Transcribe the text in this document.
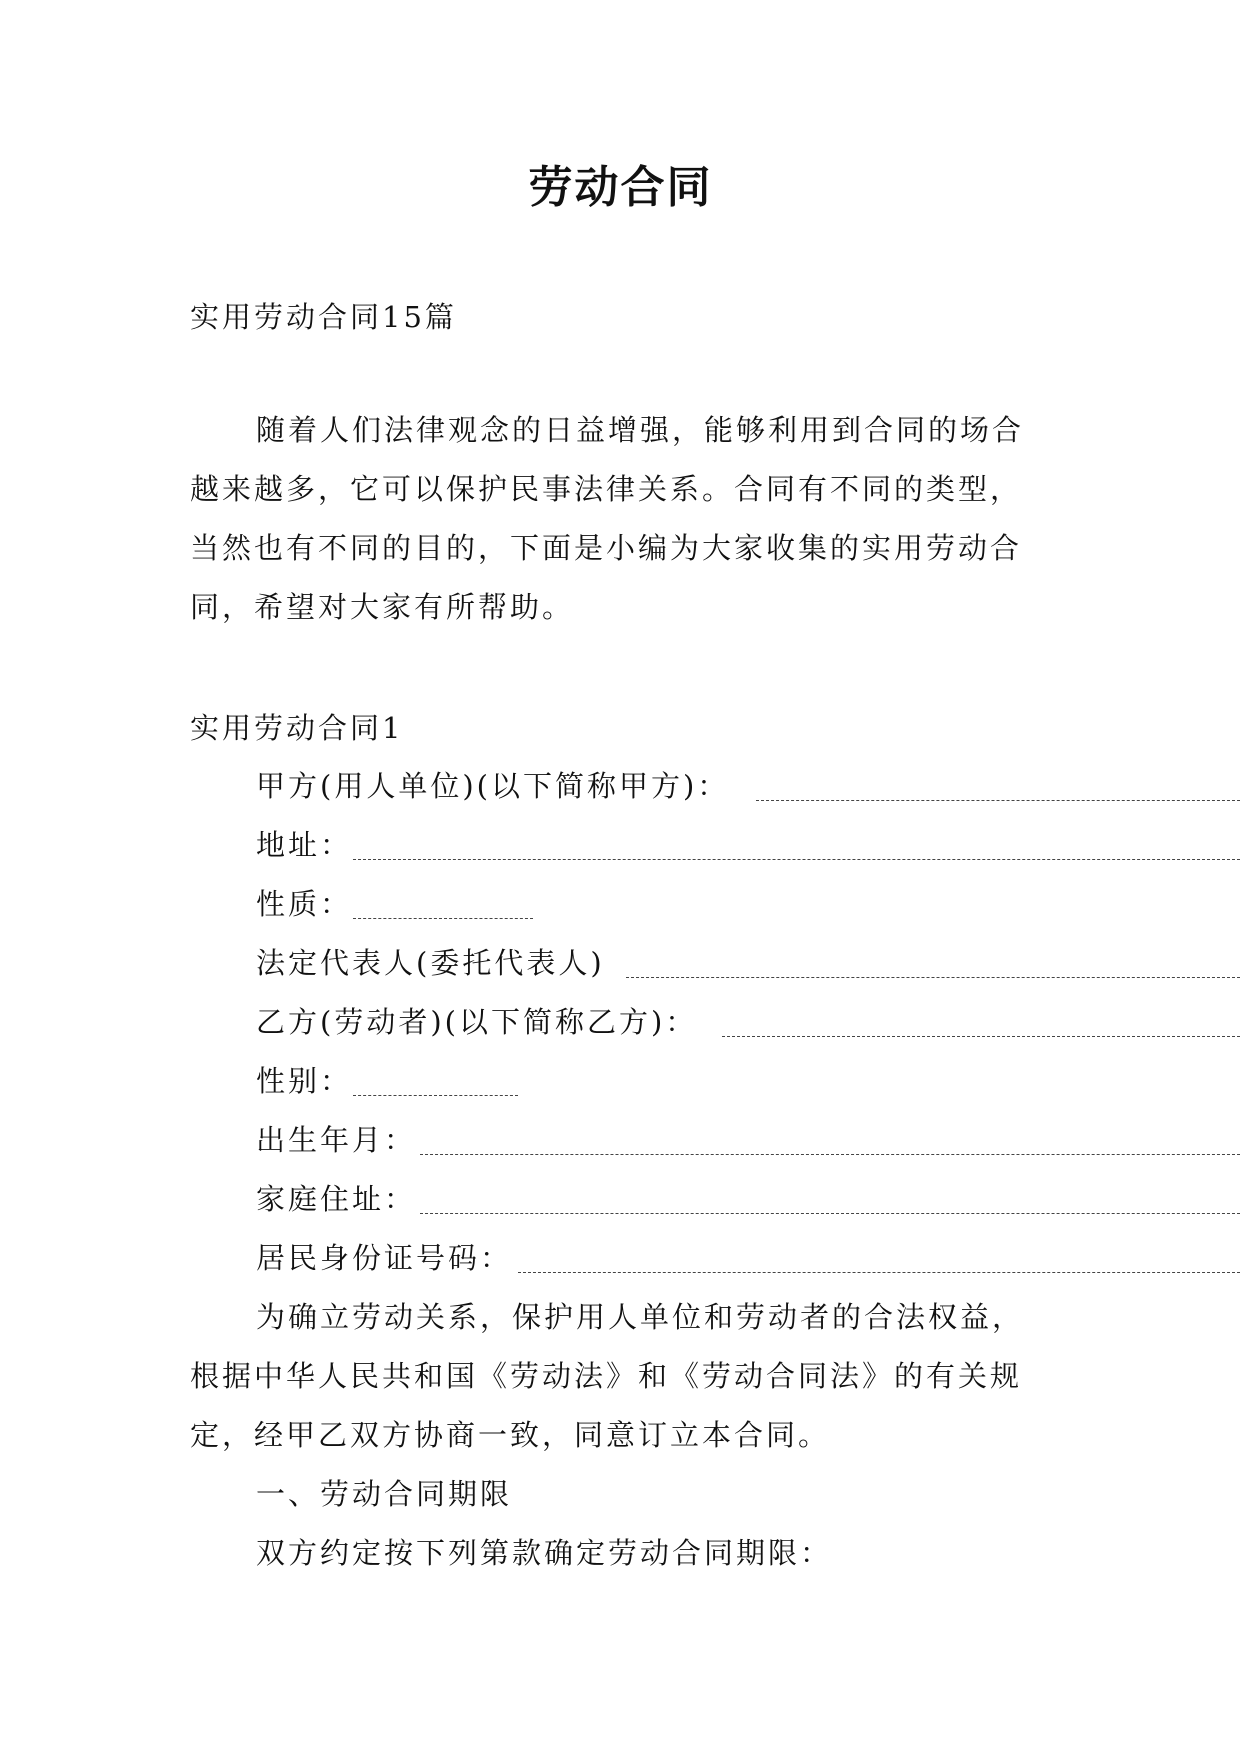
劳动合同
实用劳动合同15篇
随着人们法律观念的日益增强，能够利用到合同的场合
越来越多，它可以保护民事法律关系。合同有不同的类型，
当然也有不同的目的，下面是小编为大家收集的实用劳动合
同，希望对大家有所帮助。
实用劳动合同1
甲方(用人单位)(以下简称甲方)：
地址：
性质：
法定代表人(委托代表人)
乙方(劳动者)(以下简称乙方)：
性别：
出生年月：
家庭住址：
居民身份证号码：
为确立劳动关系，保护用人单位和劳动者的合法权益，
根据中华人民共和国《劳动法》和《劳动合同法》的有关规
定，经甲乙双方协商一致，同意订立本合同。
一、劳动合同期限
双方约定按下列第款确定劳动合同期限：
